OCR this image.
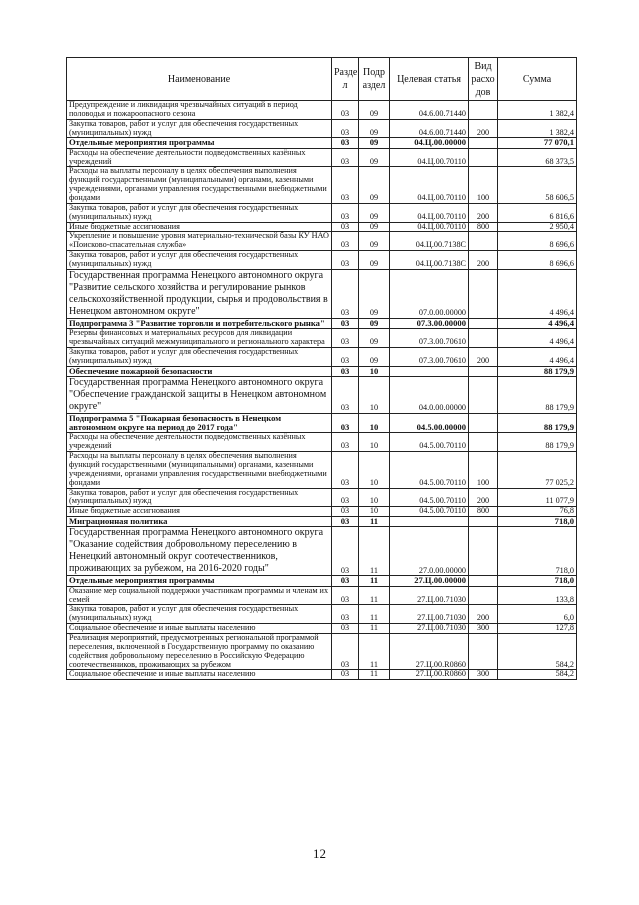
Наименование	Разде л	Подр аздел	Целевая статья	Вид расхо дов	Сумма
Предупреждение и ликвидация чрезвычайных ситуаций в период половодья и пожароопасного сезона	03	09	04.6.00.71440		1 382,4
Закупка товаров, работ и услуг для обеспечения государственных (муниципальных) нужд	03	09	04.6.00.71440	200	1 382,4
Отдельные мероприятия программы	03	09	04.Ц.00.00000		77 070,1
Расходы на обеспечение деятельности подведомственных казённых учреждений	03	09	04.Ц.00.70110		68 373,5
Расходы на выплаты персоналу в целях обеспечения выполнения функций государственными (муниципальными) органами, казенными учреждениями, органами управления государственными внебюджетными фондами	03	09	04.Ц.00.70110	100	58 606,5
Закупка товаров, работ и услуг для обеспечения государственных (муниципальных) нужд	03	09	04.Ц.00.70110	200	6 816,6
Иные бюджетные ассигнования	03	09	04.Ц.00.70110	800	2 950,4
Укрепление и повышение уровня материально-технической базы КУ НАО «Поисково-спасательная служба»	03	09	04.Ц.00.7138С		8 696,6
Закупка товаров, работ и услуг для обеспечения государственных (муниципальных) нужд	03	09	04.Ц.00.7138С	200	8 696,6
Государственная программа Ненецкого автономного округа "Развитие сельского хозяйства и регулирование рынков сельскохозяйственной продукции, сырья и продовольствия в Ненецком автономном округе"	03	09	07.0.00.00000		4 496,4
Подпрограмма 3 "Развитие торговли и потребительского рынка"	03	09	07.3.00.00000		4 496,4
Резервы финансовых и материальных ресурсов для ликвидации чрезвычайных ситуаций межмуниципального и регионального характера	03	09	07.3.00.70610		4 496,4
Закупка товаров, работ и услуг для обеспечения государственных (муниципальных) нужд	03	09	07.3.00.70610	200	4 496,4
Обеспечение пожарной безопасности	03	10			88 179,9
Государственная программа Ненецкого автономного округа "Обеспечение гражданской защиты в Ненецком автономном округе"	03	10	04.0.00.00000		88 179,9
Подпрограмма 5 "Пожарная безопасность в Ненецком автономном округе на период до 2017 года"	03	10	04.5.00.00000		88 179,9
Расходы на обеспечение деятельности подведомственных казённых учреждений	03	10	04.5.00.70110		88 179,9
Расходы на выплаты персоналу в целях обеспечения выполнения функций государственными (муниципальными) органами, казенными учреждениями, органами управления государственными внебюджетными фондами	03	10	04.5.00.70110	100	77 025,2
Закупка товаров, работ и услуг для обеспечения государственных (муниципальных) нужд	03	10	04.5.00.70110	200	11 077,9
Иные бюджетные ассигнования	03	10	04.5.00.70110	800	76,8
Миграционная политика	03	11			718,0
Государственная программа Ненецкого автономного округа "Оказание содействия добровольному переселению в Ненецкий автономный округ соотечественников, проживающих за рубежом, на 2016-2020 годы"	03	11	27.0.00.00000		718,0
Отдельные мероприятия программы	03	11	27.Ц.00.00000		718,0
Оказание мер социальной поддержки участникам программы и членам их семей	03	11	27.Ц.00.71030		133,8
Закупка товаров, работ и услуг для обеспечения государственных (муниципальных) нужд	03	11	27.Ц.00.71030	200	6,0
Социальное обеспечение и иные выплаты населению	03	11	27.Ц.00.71030	300	127,8
Реализация мероприятий, предусмотренных региональной программой переселения, включенной в Государственную программу по оказанию содействия добровольному переселению в Российскую Федерацию соотечественников, проживающих за рубежом	03	11	27.Ц.00.R0860		584,2
Социальное обеспечение и иные выплаты населению	03	11	27.Ц.00.R0860	300	584,2
12
